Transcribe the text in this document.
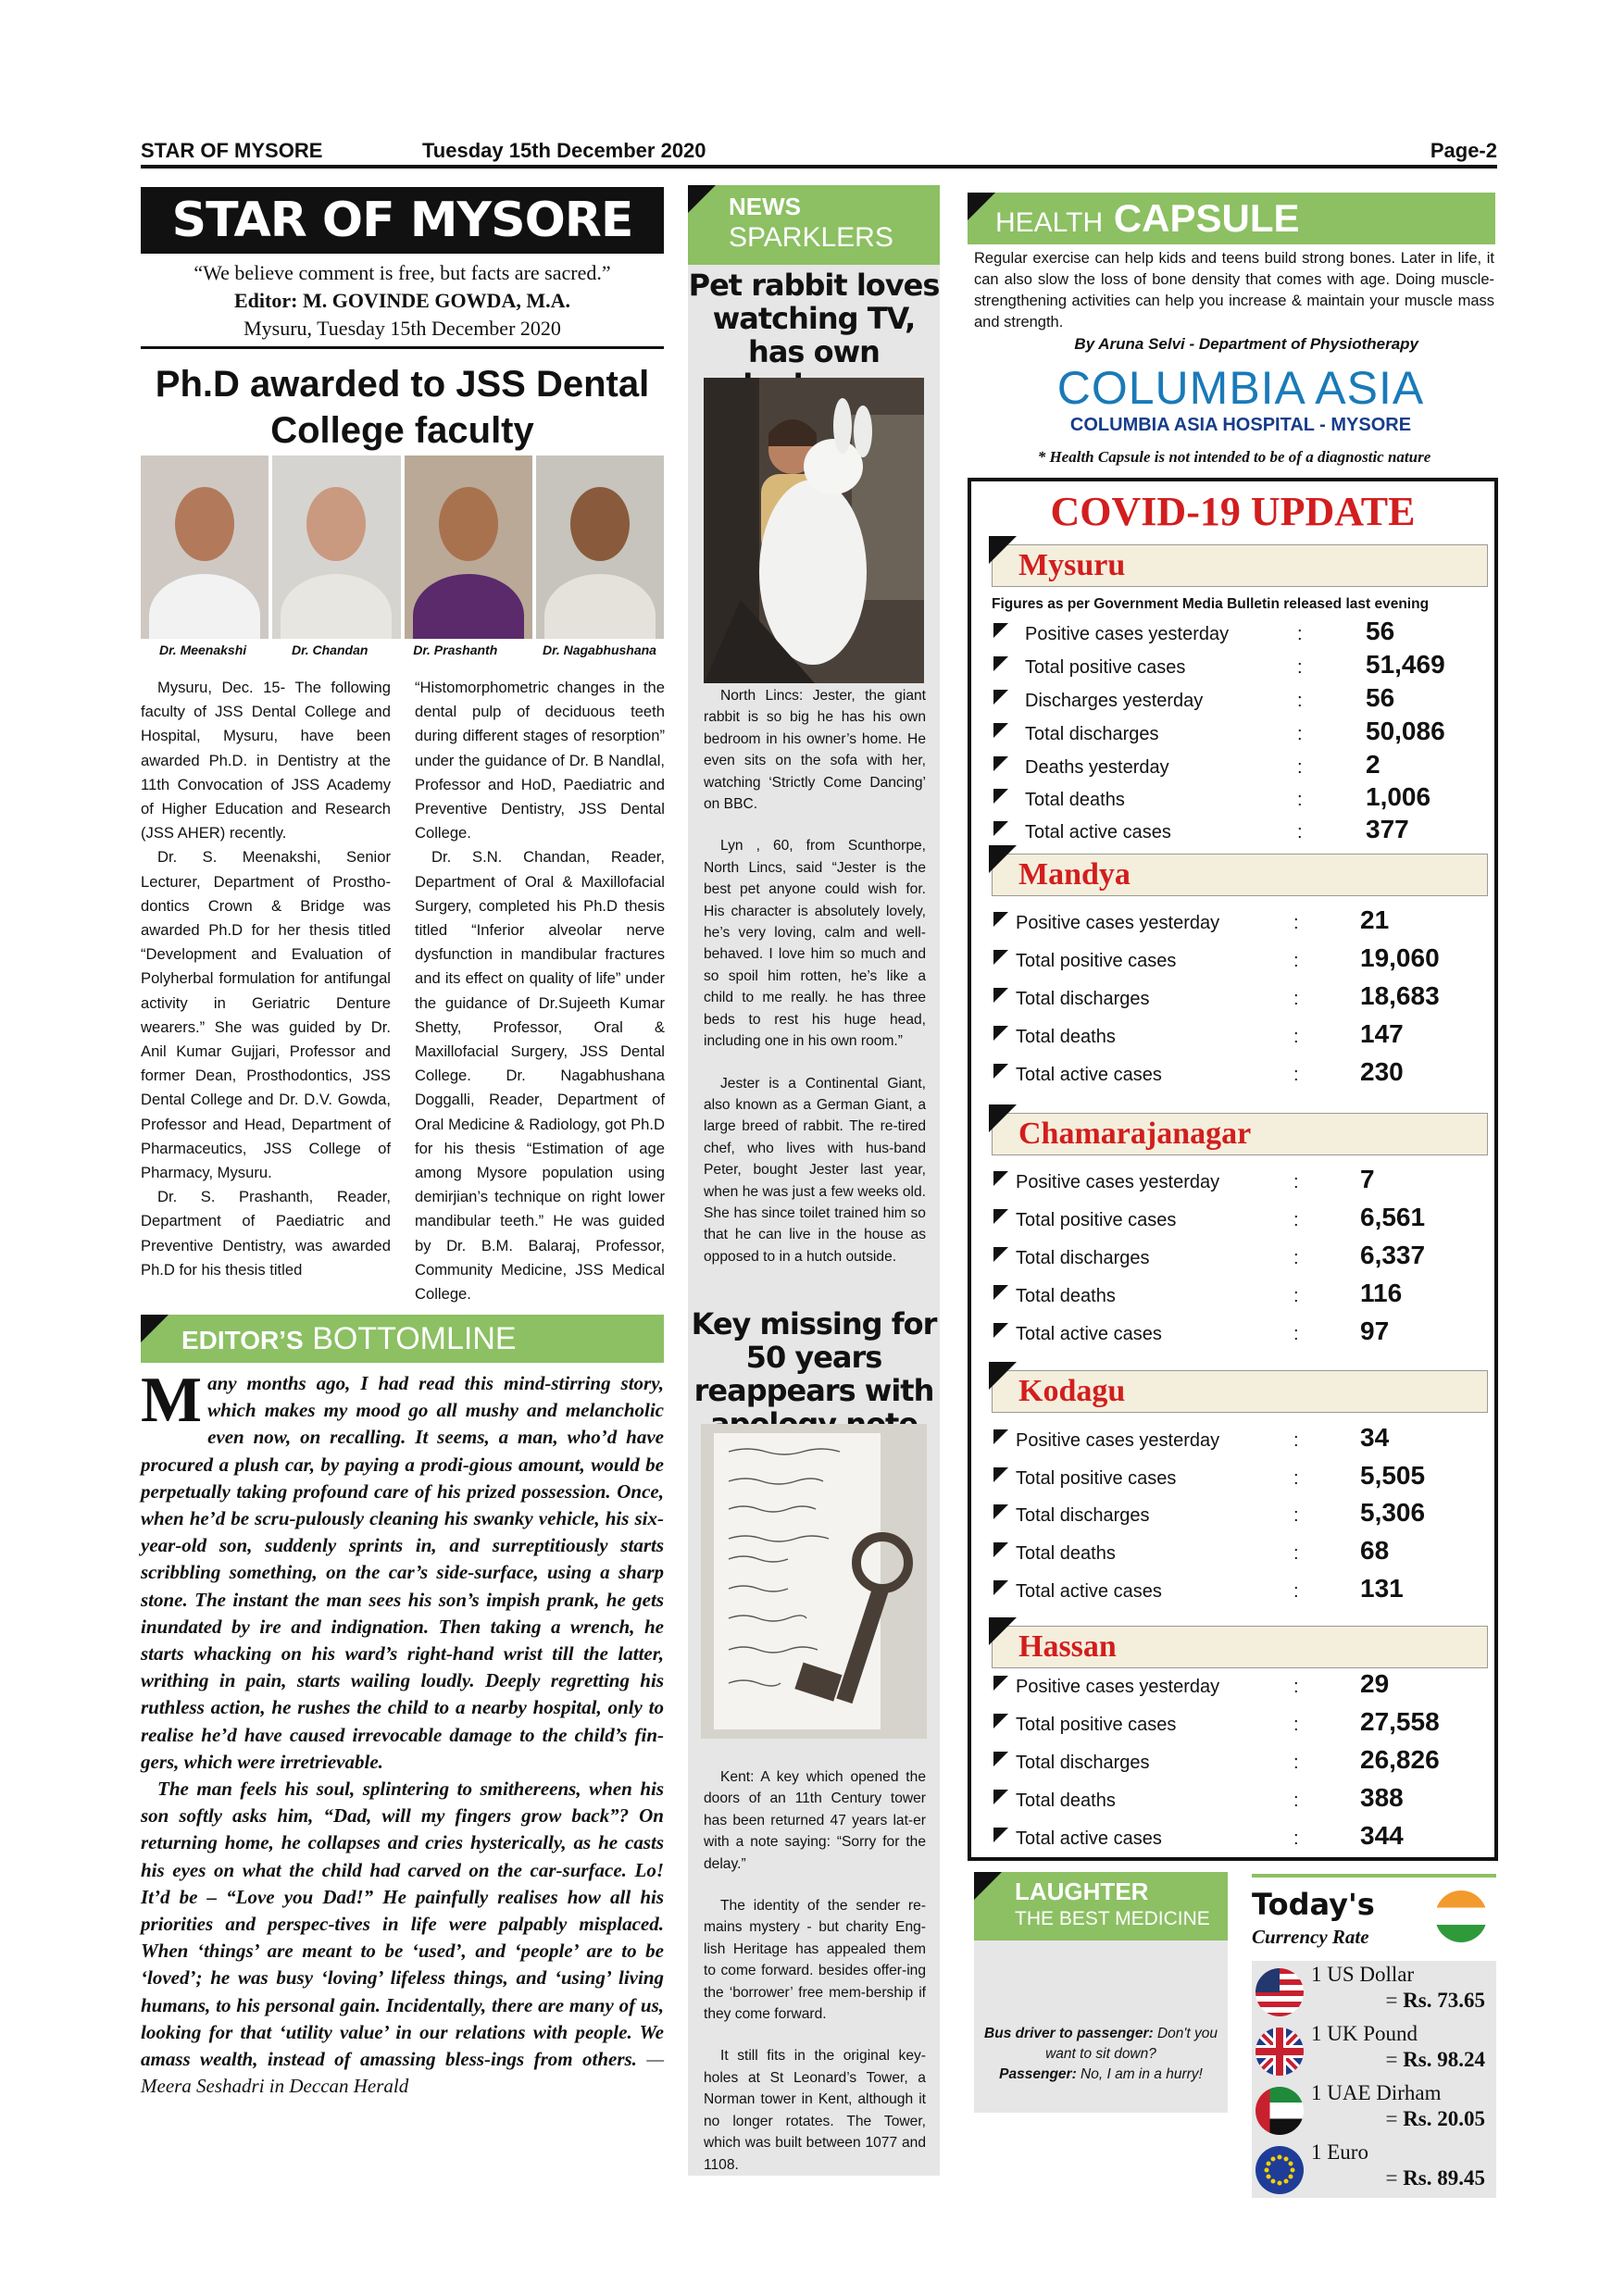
STAR OF MYSORE	Tuesday 15th December 2020	Page-2
STAR OF MYSORE
“We believe comment is free, but facts are sacred.”
Editor: M. GOVINDE GOWDA, M.A.
Mysuru, Tuesday 15th December 2020
Ph.D awarded to JSS Dental College faculty
Dr. Meenakshi	Dr. Chandan	Dr. Prashanth	Dr. Nagabhushana

Mysuru, Dec. 15- The following faculty of JSS Dental College and Hospital, Mysuru, have been awarded Ph.D. in Dentistry at the 11th Convocation of JSS Academy of Higher Education and Research (JSS AHER) recently.

Dr. S. Meenakshi, Senior Lecturer, Department of Prostho-dontics Crown & Bridge was awarded Ph.D for her thesis titled “Development and Evaluation of Polyherbal formulation for antifungal activity in Geriatric Denture wearers.” She was guided by Dr. Anil Kumar Gujjari, Professor and former Dean, Prosthodontics, JSS Dental College and Dr. D.V. Gowda, Professor and Head, Department of Pharmaceutics, JSS College of Pharmacy, Mysuru.

Dr. S. Prashanth, Reader, Department of Paediatric and Preventive Dentistry, was awarded Ph.D for his thesis titled

“Histomorphometric changes in the dental pulp of deciduous teeth during different stages of resorption” under the guidance of Dr. B Nandlal, Professor and HoD, Paediatric and Preventive Dentistry, JSS Dental College.

Dr. S.N. Chandan, Reader, Department of Oral & Maxillofacial Surgery, completed his Ph.D thesis titled “Inferior alveolar nerve dysfunction in mandibular fractures and its effect on quality of life” under the guidance of Dr.Sujeeth Kumar Shetty, Professor, Oral & Maxillofacial Surgery, JSS Dental College. Dr. Nagabhushana Doggalli, Reader, Department of Oral Medicine & Radiology, got Ph.D for his thesis “Estimation of age among Mysore population using demirjian’s technique on right lower mandibular teeth.” He was guided by Dr. B.M. Balaraj, Professor, Community Medicine, JSS Medical College.

EDITOR’S BOTTOMLINE

Many months ago, I had read this mind-stirring story, which makes my mood go all mushy and melancholic even now, on recalling. It seems, a man, who’d have procured a plush car, by paying a prodi-gious amount, would be perpetually taking profound care of his prized possession. Once, when he’d be scru-pulously cleaning his swanky vehicle, his six-year-old son, suddenly sprints in, and surreptitiously starts scribbling something, on the car’s side-surface, using a sharp stone. The instant the man sees his son’s impish prank, he gets inundated by ire and indignation. Then taking a wrench, he starts whacking on his ward’s right-hand wrist till the latter, writhing in pain, starts wailing loudly. Deeply regretting his ruthless action, he rushes the child to a nearby hospital, only to realise he’d have caused irrevocable damage to the child’s fin-gers, which were irretrievable.

The man feels his soul, splintering to smithereens, when his son softly asks him, “Dad, will my fingers grow back”? On returning home, he collapses and cries hysterically, as he casts his eyes on what the child had carved on the car-surface. Lo! It’d be – “Love you Dad!” He painfully realises how all his priorities and perspec-tives in life were palpably misplaced. When ‘things’ are meant to be ‘used’, and ‘people’ are to be ‘loved’; he was busy ‘loving’ lifeless things, and ‘using’ living humans, to his personal gain. Incidentally, there are many of us, looking for that ‘utility value’ in our relations with people. We amass wealth, instead of amassing bless-ings from others. — Meera Seshadri in Deccan Herald

NEWS
SPARKLERS
Pet rabbit loves watching TV, has own

North Lincs: Jester, the giant rabbit is so big he has his own bedroom in his owner’s home. He even sits on the sofa with her, watching ‘Strictly Come Dancing’ on BBC.

Lyn , 60, from Scunthorpe, North Lincs, said “Jester is the best pet anyone could wish for. His character is absolutely lovely, he’s very loving, calm and well-behaved. I love him so much and so spoil him rotten, he’s like a child to me really. he has three beds to rest his huge head, including one in his own room.”

Jester is a Continental Giant, also known as a German Giant, a large breed of rabbit. The re-tired chef, who lives with hus-band Peter, bought Jester last year, when he was just a few weeks old. She has since toilet trained him so that he can live in the house as opposed to in a hutch outside.

Key missing for 50 years reappears with

Kent: A key which opened the doors of an 11th Century tower has been returned 47 years lat-er with a note saying: “Sorry for the delay.”

The identity of the sender re-mains mystery - but charity Eng-lish Heritage has appealed them to come forward. besides offer-ing the ‘borrower’ free mem-bership if they come forward.

It still fits in the original key-holes at St Leonard’s Tower, a Norman tower in Kent, although it no longer rotates. The Tower, which was built between 1077 and 1108.

HEALTH CAPSULE
Regular exercise can help kids and teens build strong bones. Later in life, it can also slow the loss of bone density that comes with age. Doing muscle-strengthening activities can help you increase & maintain your muscle mass and strength.
By Aruna Selvi - Department of Physiotherapy
COLUMBIA ASIA
COLUMBIA ASIA HOSPITAL - MYSORE
* Health Capsule is not intended to be of a diagnostic nature
COVID-19 UPDATE
Mysuru
Figures as per Government Media Bulletin released last evening
Positive cases yesterday	: 56
Total positive cases	: 51,469
Discharges yesterday	: 56
Total discharges	: 50,086
Deaths yesterday	: 2
Total deaths	: 1,006
Total active cases	: 377
Mandya
Positive cases yesterday	: 21
Total positive cases	: 19,060
Total discharges	: 18,683
Total deaths	: 147
Total active cases	: 230
Chamarajanagar
Positive cases yesterday	: 7
Total positive cases	: 6,561
Total discharges	: 6,337
Total deaths	: 116
Total active cases	: 97
Kodagu
Positive cases yesterday	: 34
Total positive cases	: 5,505
Total discharges	: 5,306
Total deaths	: 68
Total active cases	: 131
Hassan
Positive cases yesterday	: 29
Total positive cases	: 27,558
Total discharges	: 26,826
Total deaths	: 388
Total active cases	: 344
LAUGHTER
THE BEST MEDICINE
Bus driver to passenger: Don't you want to sit down?
Passenger: No, I am in a hurry!
Today's
Currency Rate
1 US Dollar
= Rs. 73.65
1 UK Pound
= Rs. 98.24
1 UAE Dirham
= Rs. 20.05
1 Euro
= Rs. 89.45
